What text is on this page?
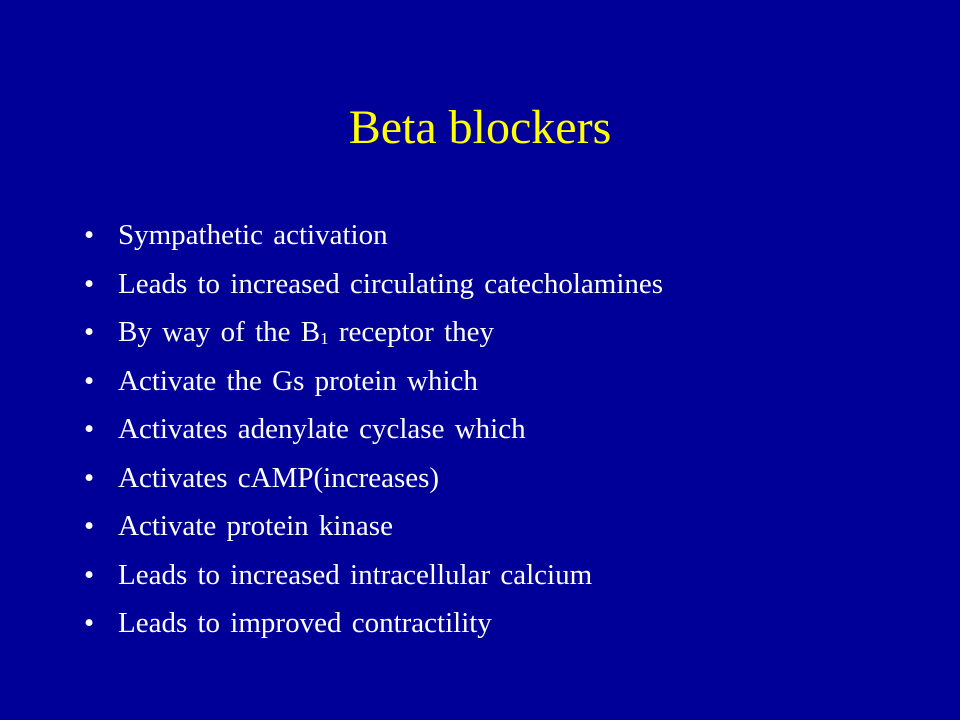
Beta blockers
• Sympathetic activation
• Leads to increased circulating catecholamines
• By way of the B1 receptor they
• Activate the Gs protein which
• Activates adenylate cyclase which
• Activates cAMP(increases)
• Activate protein kinase
• Leads to increased intracellular calcium
• Leads to improved contractility
